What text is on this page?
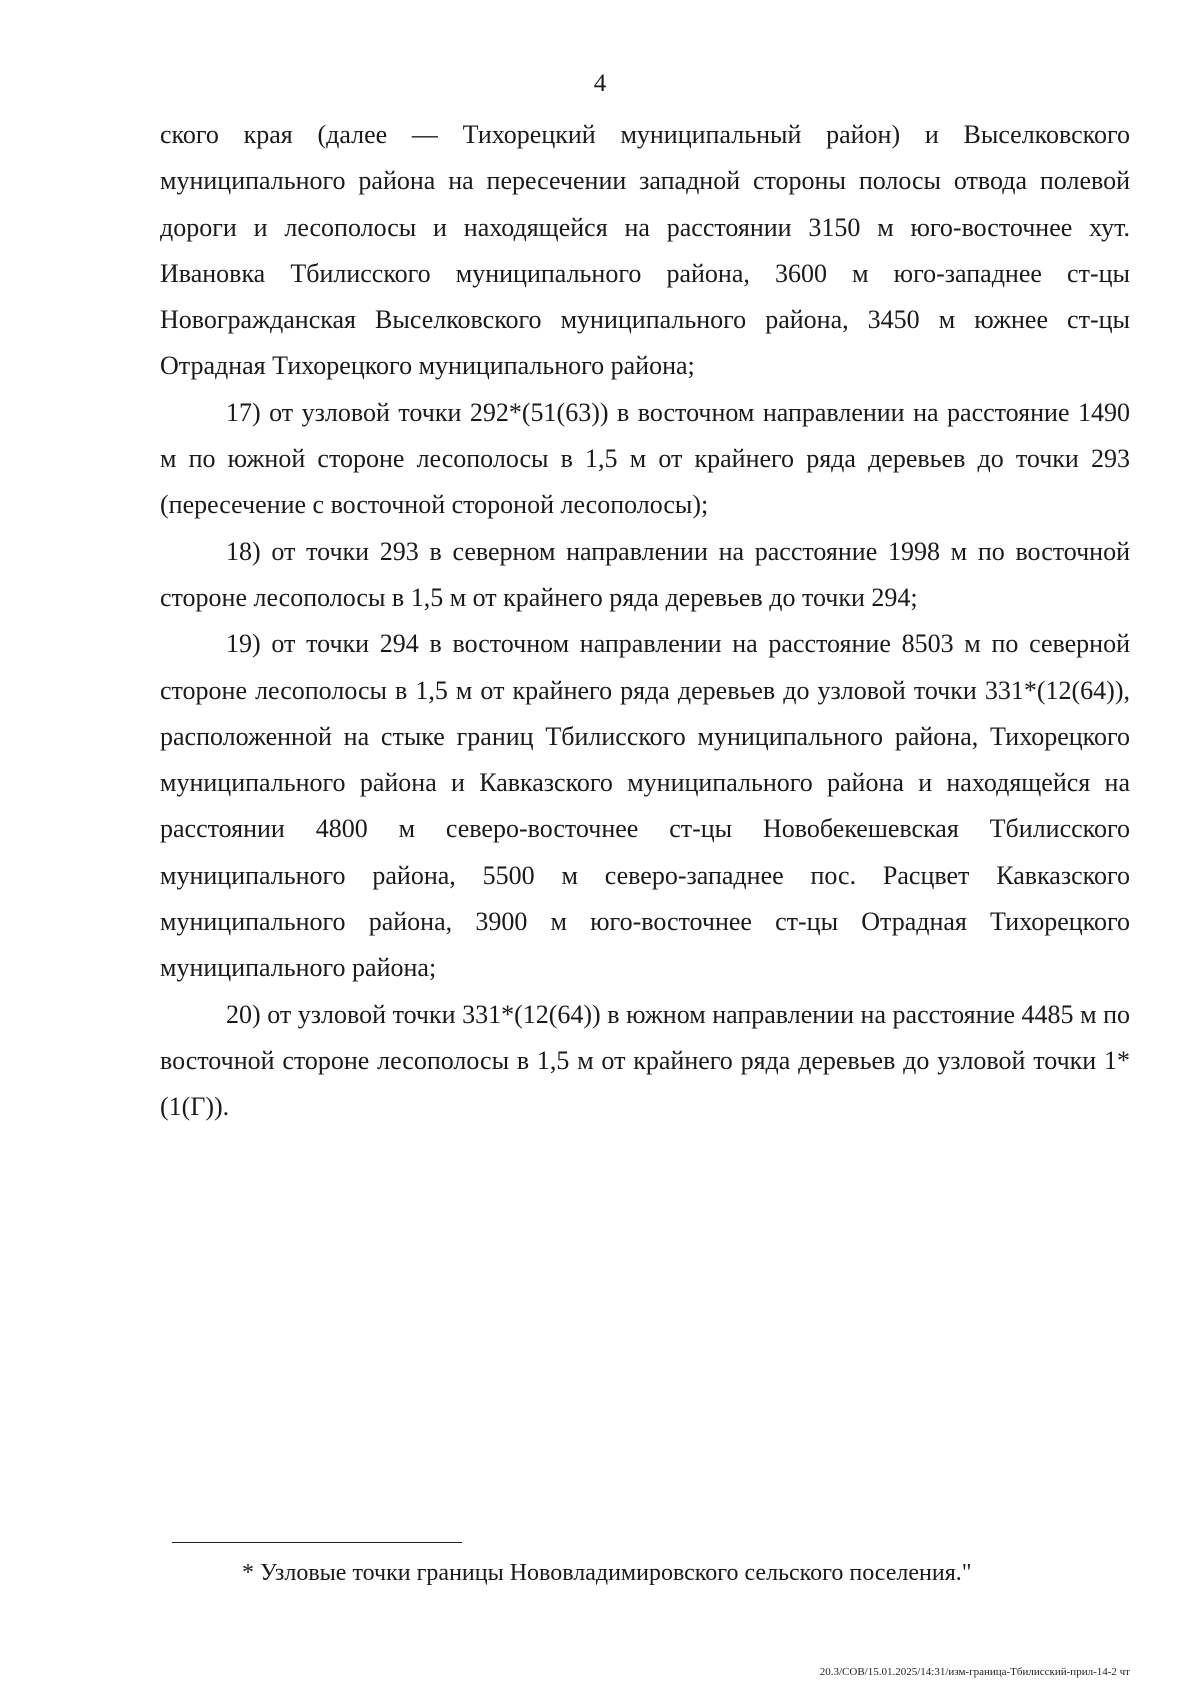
4

ского края (далее — Тихорецкий муниципальный район) и Выселковского муниципального района на пересечении западной стороны полосы отвода полевой дороги и лесополосы и находящейся на расстоянии 3150 м юго-восточнее хут. Ивановка Тбилисского муниципального района, 3600 м юго-западнее ст-цы Новогражданская Выселковского муниципального района, 3450 м южнее ст-цы Отрадная Тихорецкого муниципального района;

17) от узловой точки 292*(51(63)) в восточном направлении на расстояние 1490 м по южной стороне лесополосы в 1,5 м от крайнего ряда деревьев до точки 293 (пересечение с восточной стороной лесополосы);

18) от точки 293 в северном направлении на расстояние 1998 м по восточной стороне лесополосы в 1,5 м от крайнего ряда деревьев до точки 294;

19) от точки 294 в восточном направлении на расстояние 8503 м по северной стороне лесополосы в 1,5 м от крайнего ряда деревьев до узловой точки 331*(12(64)), расположенной на стыке границ Тбилисского муниципального района, Тихорецкого муниципального района и Кавказского муниципального района и находящейся на расстоянии 4800 м северо-восточнее ст-цы Новобекешевская Тбилисского муниципального района, 5500 м северо-западнее пос. Расцвет Кавказского муниципального района, 3900 м юго-восточнее ст-цы Отрадная Тихорецкого муниципального района;

20) от узловой точки 331*(12(64)) в южном направлении на расстояние 4485 м по восточной стороне лесополосы в 1,5 м от крайнего ряда деревьев до узловой точки 1* (1(Г)).

* Узловые точки границы Нововладимировского сельского поселения."
20.3/СОВ/15.01.2025/14:31/изм-граница-Тбилисский-прил-14-2 чт
